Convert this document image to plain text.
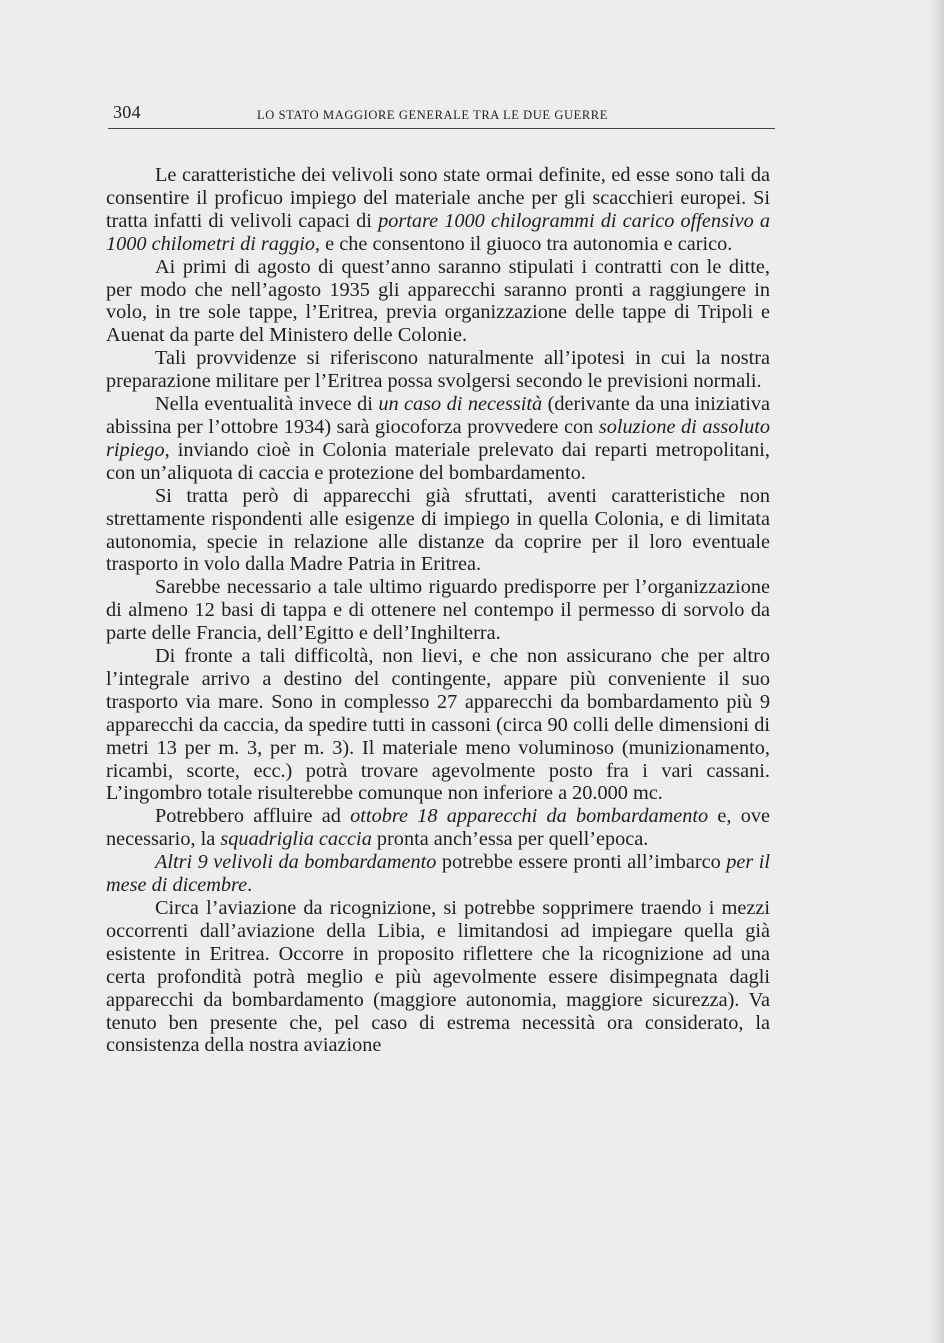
304	LO STATO MAGGIORE GENERALE TRA LE DUE GUERRE

Le caratteristiche dei velivoli sono state ormai definite, ed esse sono tali da consentire il proficuo impiego del materiale anche per gli scacchieri europei. Si tratta infatti di velivoli capaci di portare 1000 chilogrammi di carico offensivo a 1000 chilometri di raggio, e che consentono il giuoco tra autonomia e carico.

Ai primi di agosto di quest’anno saranno stipulati i contratti con le ditte, per modo che nell’agosto 1935 gli apparecchi saranno pronti a raggiungere in volo, in tre sole tappe, l’Eritrea, previa organizzazione delle tappe di Tripoli e Auenat da parte del Ministero delle Colonie.

Tali provvidenze si riferiscono naturalmente all’ipotesi in cui la nostra preparazione militare per l’Eritrea possa svolgersi secondo le previsioni normali.

Nella eventualità invece di un caso di necessità (derivante da una iniziativa abissina per l’ottobre 1934) sarà giocoforza provvedere con soluzione di assoluto ripiego, inviando cioè in Colonia materiale prelevato dai reparti metropolitani, con un’aliquota di caccia e protezione del bombardamento.

Si tratta però di apparecchi già sfruttati, aventi caratteristiche non strettamente rispondenti alle esigenze di impiego in quella Colonia, e di limitata autonomia, specie in relazione alle distanze da coprire per il loro eventuale trasporto in volo dalla Madre Patria in Eritrea.

Sarebbe necessario a tale ultimo riguardo predisporre per l’organizzazione di almeno 12 basi di tappa e di ottenere nel contempo il permesso di sorvolo da parte delle Francia, dell’Egitto e dell’Inghilterra.

Di fronte a tali difficoltà, non lievi, e che non assicurano che per altro l’integrale arrivo a destino del contingente, appare più conveniente il suo trasporto via mare. Sono in complesso 27 apparecchi da bombardamento più 9 apparecchi da caccia, da spedire tutti in cassoni (circa 90 colli delle dimensioni di metri 13 per m. 3, per m. 3). Il materiale meno voluminoso (munizionamento, ricambi, scorte, ecc.) potrà trovare agevolmente posto fra i vari cassani. L’ingombro totale risulterebbe comunque non inferiore a 20.000 mc.

Potrebbero affluire ad ottobre 18 apparecchi da bombardamento e, ove necessario, la squadriglia caccia pronta anch’essa per quell’epoca.

Altri 9 velivoli da bombardamento potrebbe essere pronti all’imbarco per il mese di dicembre.

Circa l’aviazione da ricognizione, si potrebbe sopprimere traendo i mezzi occorrenti dall’aviazione della Libia, e limitandosi ad impiegare quella già esistente in Eritrea. Occorre in proposito riflettere che la ricognizione ad una certa profondità potrà meglio e più agevolmente essere disimpegnata dagli apparecchi da bombardamento (maggiore autonomia, maggiore sicurezza). Va tenuto ben presente che, pel caso di estrema necessità ora considerato, la consistenza della nostra aviazione
